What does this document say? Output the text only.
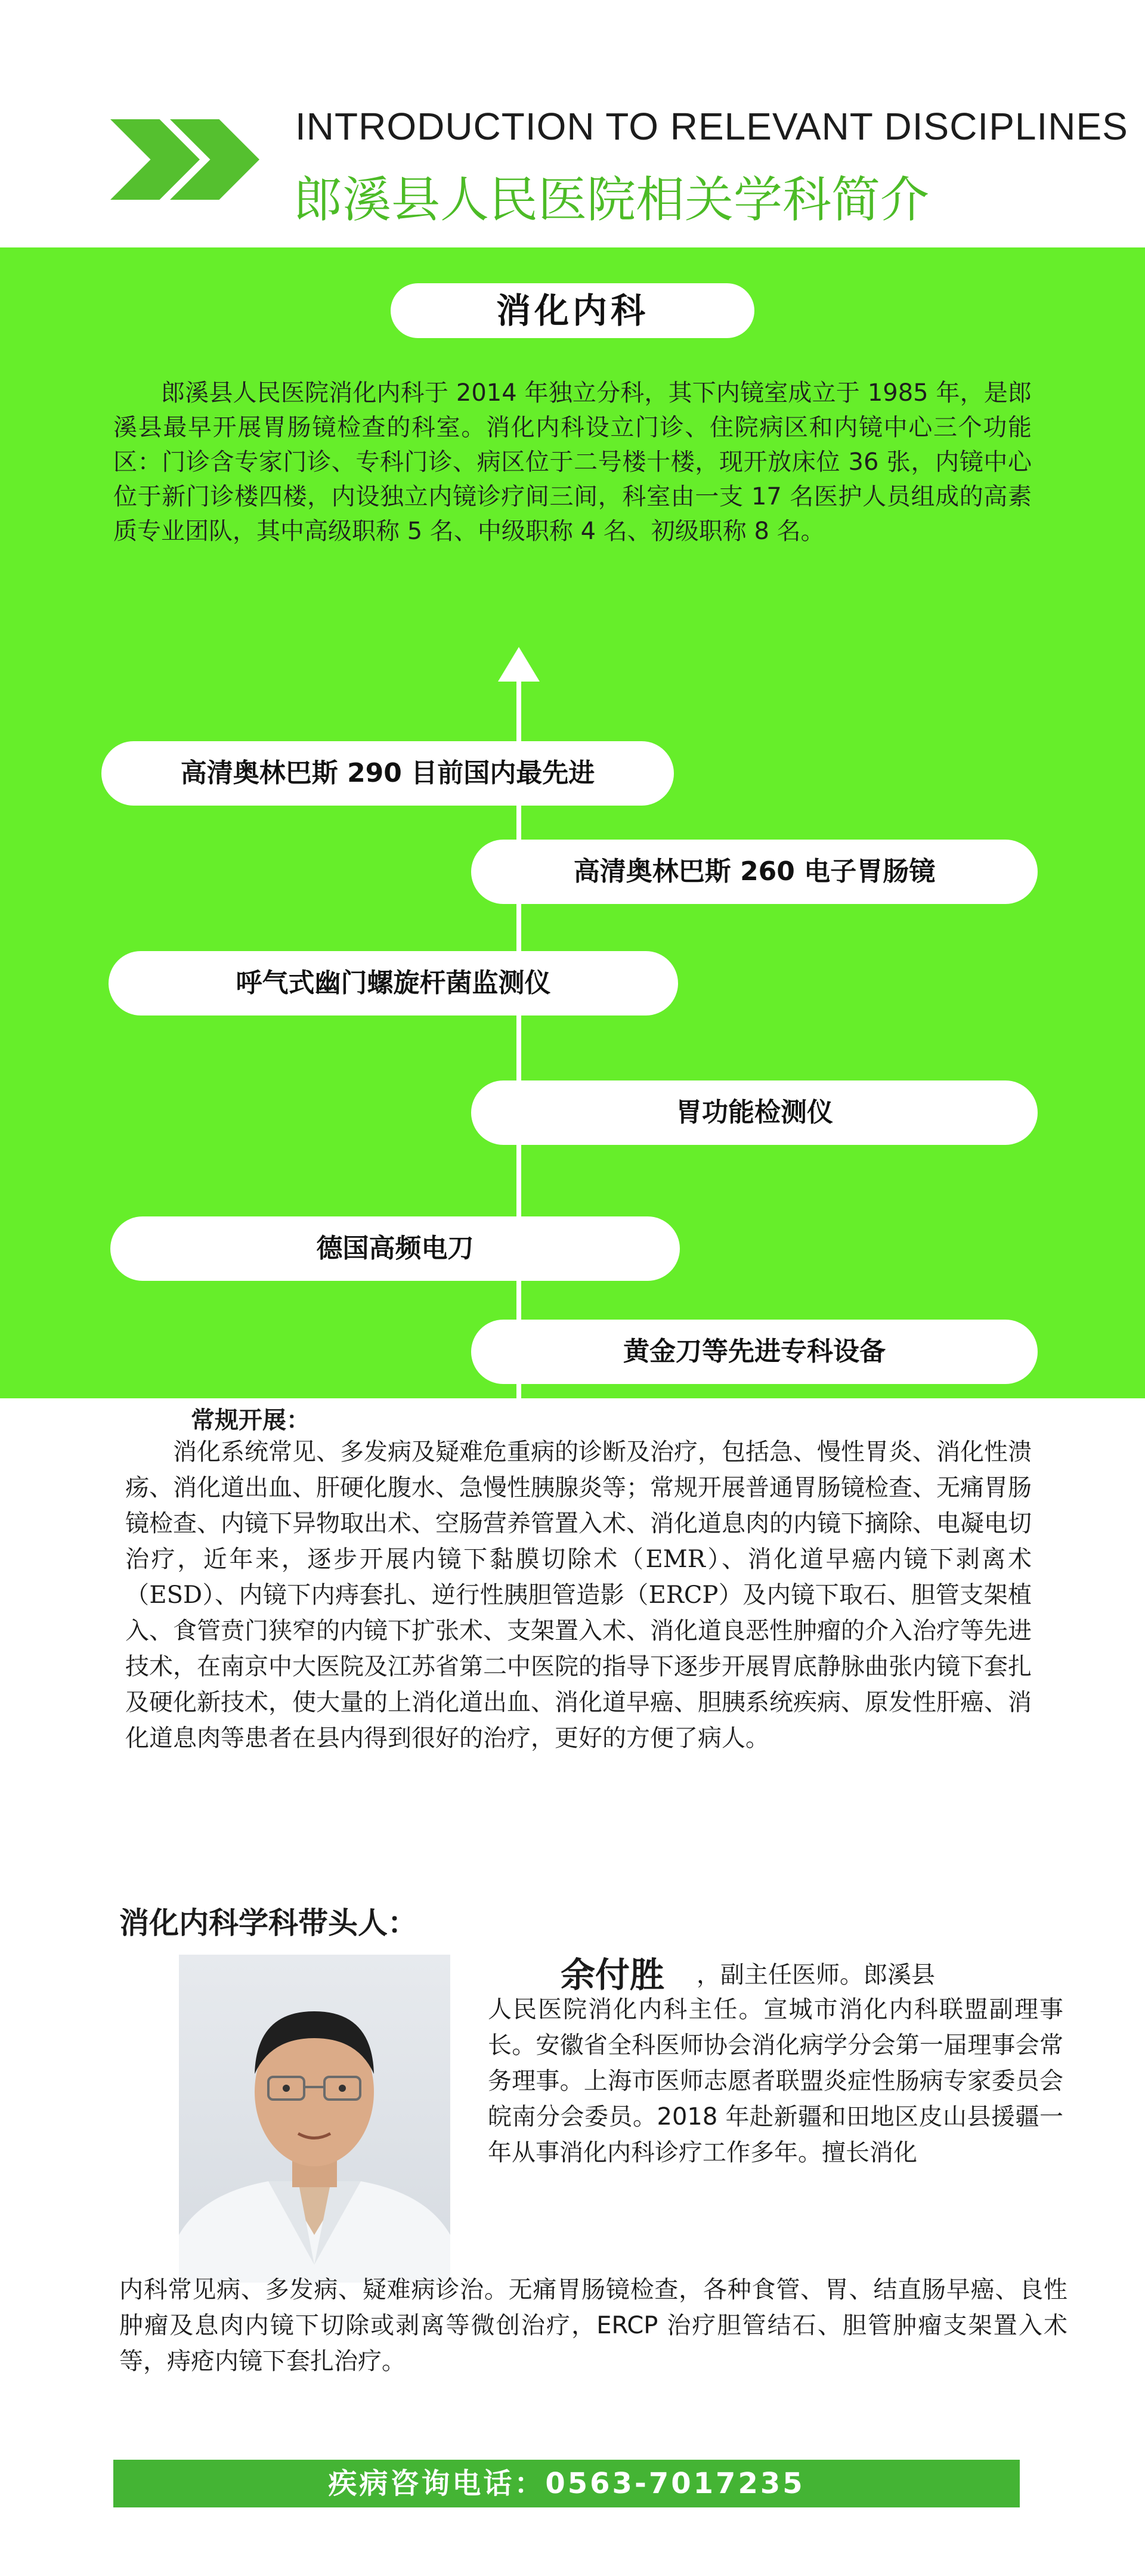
INTRODUCTION TO RELEVANT DISCIPLINES
郎溪县人民医院相关学科简介
消化内科
郎溪县人民医院消化内科于 2014 年独立分科，其下内镜室成立于 1985 年，是郎溪县最早开展胃肠镜检查的科室。消化内科设立门诊、住院病区和内镜中心三个功能区：门诊含专家门诊、专科门诊、病区位于二号楼十楼，现开放床位 36 张，内镜中心位于新门诊楼四楼，内设独立内镜诊疗间三间，科室由一支 17 名医护人员组成的高素质专业团队，其中高级职称 5 名、中级职称 4 名、初级职称 8 名。
高清奥林巴斯 290 目前国内最先进
高清奥林巴斯 260 电子胃肠镜
呼气式幽门螺旋杆菌监测仪
胃功能检测仪
德国高频电刀
黄金刀等先进专科设备
常规开展：
消化系统常见、多发病及疑难危重病的诊断及治疗，包括急、慢性胃炎、消化性溃疡、消化道出血、肝硬化腹水、急慢性胰腺炎等；常规开展普通胃肠镜检查、无痛胃肠镜检查、内镜下异物取出术、空肠营养管置入术、消化道息肉的内镜下摘除、电凝电切治疗，近年来，逐步开展内镜下黏膜切除术（EMR）、消化道早癌内镜下剥离术（ESD）、内镜下内痔套扎、逆行性胰胆管造影（ERCP）及内镜下取石、胆管支架植入、食管贲门狭窄的内镜下扩张术、支架置入术、消化道良恶性肿瘤的介入治疗等先进技术，在南京中大医院及江苏省第二中医院的指导下逐步开展胃底静脉曲张内镜下套扎及硬化新技术，使大量的上消化道出血、消化道早癌、胆胰系统疾病、原发性肝癌、消化道息肉等患者在县内得到很好的治疗，更好的方便了病人。
消化内科学科带头人：
余付胜 ，副主任医师。郎溪县
人民医院消化内科主任。宣城市消化内科联盟副理事长。安徽省全科医师协会消化病学分会第一届理事会常务理事。上海市医师志愿者联盟炎症性肠病专家委员会皖南分会委员。2018 年赴新疆和田地区皮山县援疆一年从事消化内科诊疗工作多年。擅长消化
内科常见病、多发病、疑难病诊治。无痛胃肠镜检查，各种食管、胃、结直肠早癌、良性肿瘤及息肉内镜下切除或剥离等微创治疗，ERCP 治疗胆管结石、胆管肿瘤支架置入术等，痔疮内镜下套扎治疗。
疾病咨询电话：0563-7017235
